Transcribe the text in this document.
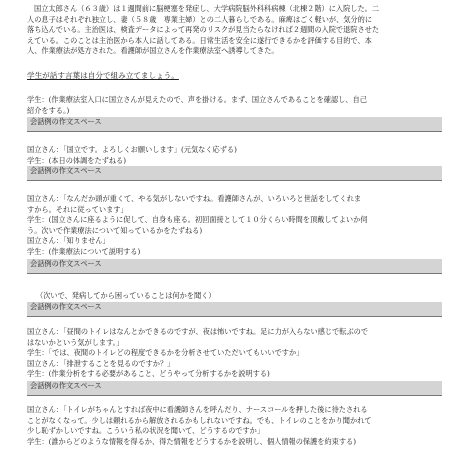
国立太郎さん（６３歳）は１週間前に脳梗塞を発症し、大学病院脳外科科病棟（北棟２階）に入院した。二
人の息子はそれぞれ独立し、妻（５８歳　専業主婦）との二人暮らしである。麻痺はごく軽いが、気分的に
落ち込んでいる。主治医は、検査データによって再発のリスクが見当たらなければ２週間の入院で退院させた
えている。このことは主治医から本人に話してある。日常生活を安全に遂行できるかを評価する目的で、本
人、作業療法が処方された。看護師が国立さんを作業療法室へ誘導してきた。
学生が話す言葉は自分で組み立てましょう。
学生：(作業療法室入口に国立さんが見えたので、声を掛ける。まず、国立さんであることを確認し、自己
紹介をする。)
会話例の作文スペース
国立さん：「国立です。よろしくお願いします」(元気なく応ずる)
学生：(本日の体調をたずねる)
会話例の作文スペース
国立さん：「なんだか頭が重くて、やる気がしないですね。看護師さんが、いろいろと世話をしてくれま
すから。それに従っています」
学生：(国立さんに座るように促して、自身も座る。初回面接として１０分くらい時間を頂戴してよいか伺
う。次いで作業療法について知っているかをたずねる)
国立さん：「知りません」
学生：(作業療法について説明する)
会話例の作文スペース
（次いで、発病してから困っていることは何かを聞く）
会話例の作文スペース
国立さん：「昼間のトイレはなんとかできるのですが、夜は怖いですね。足に力が入らない感じで転ぶので
はないかという気がします。」
学生：「では、夜間のトイレどの程度できるかを分析させていただいてもいいですか」
国立さん：「排泄することを見るのですか？」
学生：(作業分析をする必要があること、どうやって分析するかを説明する)
会話例の作文スペース
国立さん：「トイレがちゃんとすれば夜中に看護師さんを呼んだり、ナースコールを押した後に待たされる
ことがなくなって。少しは頼れるから解放されるかもしれないですね。でも、トイレのことをかり聞かれて
少し恥ずかしいですね。こういう私の状況を聞いて、どうするのですか」
学生：(誰からどのような情報を得るか、得た情報をどうするかを説明し、個人情報の保護を約束する)
